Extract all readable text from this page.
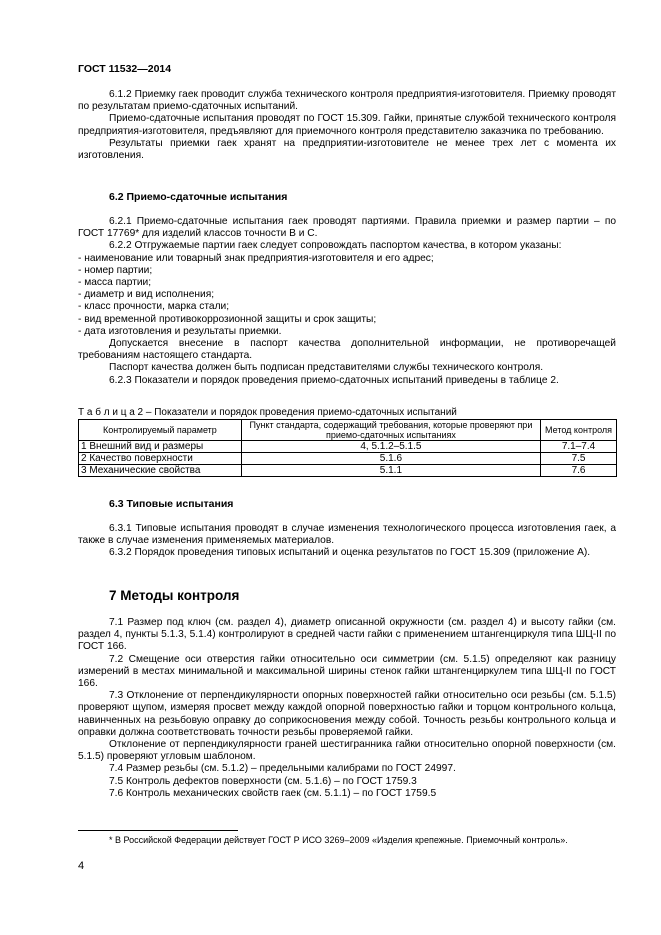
ГОСТ 11532—2014

6.1.2 Приемку гаек проводит служба технического контроля предприятия-изготовителя. Приемку проводят по результатам приемо-сдаточных испытаний.

Приемо-сдаточные испытания проводят по ГОСТ 15.309. Гайки, принятые службой технического контроля предприятия-изготовителя, предъявляют для приемочного контроля представителю заказчика по требованию.

Результаты приемки гаек хранят на предприятии-изготовителе не менее трех лет с момента их изготовления.

6.2 Приемо-сдаточные испытания

6.2.1 Приемо-сдаточные испытания гаек проводят партиями. Правила приемки и размер партии – по ГОСТ 17769* для изделий классов точности В и С.

6.2.2 Отгружаемые партии гаек следует сопровождать паспортом качества, в котором указаны:

- наименование или товарный знак предприятия-изготовителя и его адрес;

- номер партии;

- масса партии;

- диаметр и вид исполнения;

- класс прочности, марка стали;

- вид временной противокоррозионной защиты и срок защиты;

- дата изготовления и результаты приемки.

Допускается внесение в паспорт качества дополнительной информации, не противоречащей требованиям настоящего стандарта.

Паспорт качества должен быть подписан представителями службы технического контроля.

6.2.3 Показатели и порядок проведения приемо-сдаточных испытаний приведены в таблице 2.

Т а б л и ц а 2 – Показатели и порядок проведения приемо-сдаточных испытаний
Контролируемый параметр	Пункт стандарта, содержащий требования, которые проверяют при приемо-сдаточных испытаниях	Метод контроля
1 Внешний вид и размеры	4, 5.1.2–5.1.5	7.1–7.4
2 Качество поверхности	5.1.6	7.5
3 Механические свойства	5.1.1	7.6
6.3 Типовые испытания

6.3.1 Типовые испытания проводят в случае изменения технологического процесса изготовления гаек, а также в случае изменения применяемых материалов.

6.3.2 Порядок проведения типовых испытаний и оценка результатов по ГОСТ 15.309 (приложение А).

7 Методы контроля

7.1 Размер под ключ (см. раздел 4), диаметр описанной окружности (см. раздел 4) и высоту гайки (см. раздел 4, пункты 5.1.3, 5.1.4) контролируют в средней части гайки с применением штангенциркуля типа ШЦ-II по ГОСТ 166.

7.2 Смещение оси отверстия гайки относительно оси симметрии (см. 5.1.5) определяют как разницу измерений в местах минимальной и максимальной ширины стенок гайки штангенциркулем типа ШЦ-II по ГОСТ 166.

7.3 Отклонение от перпендикулярности опорных поверхностей гайки относительно оси резьбы (см. 5.1.5) проверяют щупом, измеряя просвет между каждой опорной поверхностью гайки и торцом контрольного кольца, навинченных на резьбовую оправку до соприкосновения между собой. Точность резьбы контрольного кольца и оправки должна соответствовать точности резьбы проверяемой гайки.

Отклонение от перпендикулярности граней шестигранника гайки относительно опорной поверхности (см. 5.1.5) проверяют угловым шаблоном.

7.4 Размер резьбы (см. 5.1.2) – предельными калибрами по ГОСТ 24997.

7.5 Контроль дефектов поверхности (см. 5.1.6) – по ГОСТ 1759.3

7.6 Контроль механических свойств гаек (см. 5.1.1) – по ГОСТ 1759.5

* В Российской Федерации действует ГОСТ Р ИСО 3269–2009 «Изделия крепежные. Приемочный контроль».

4
